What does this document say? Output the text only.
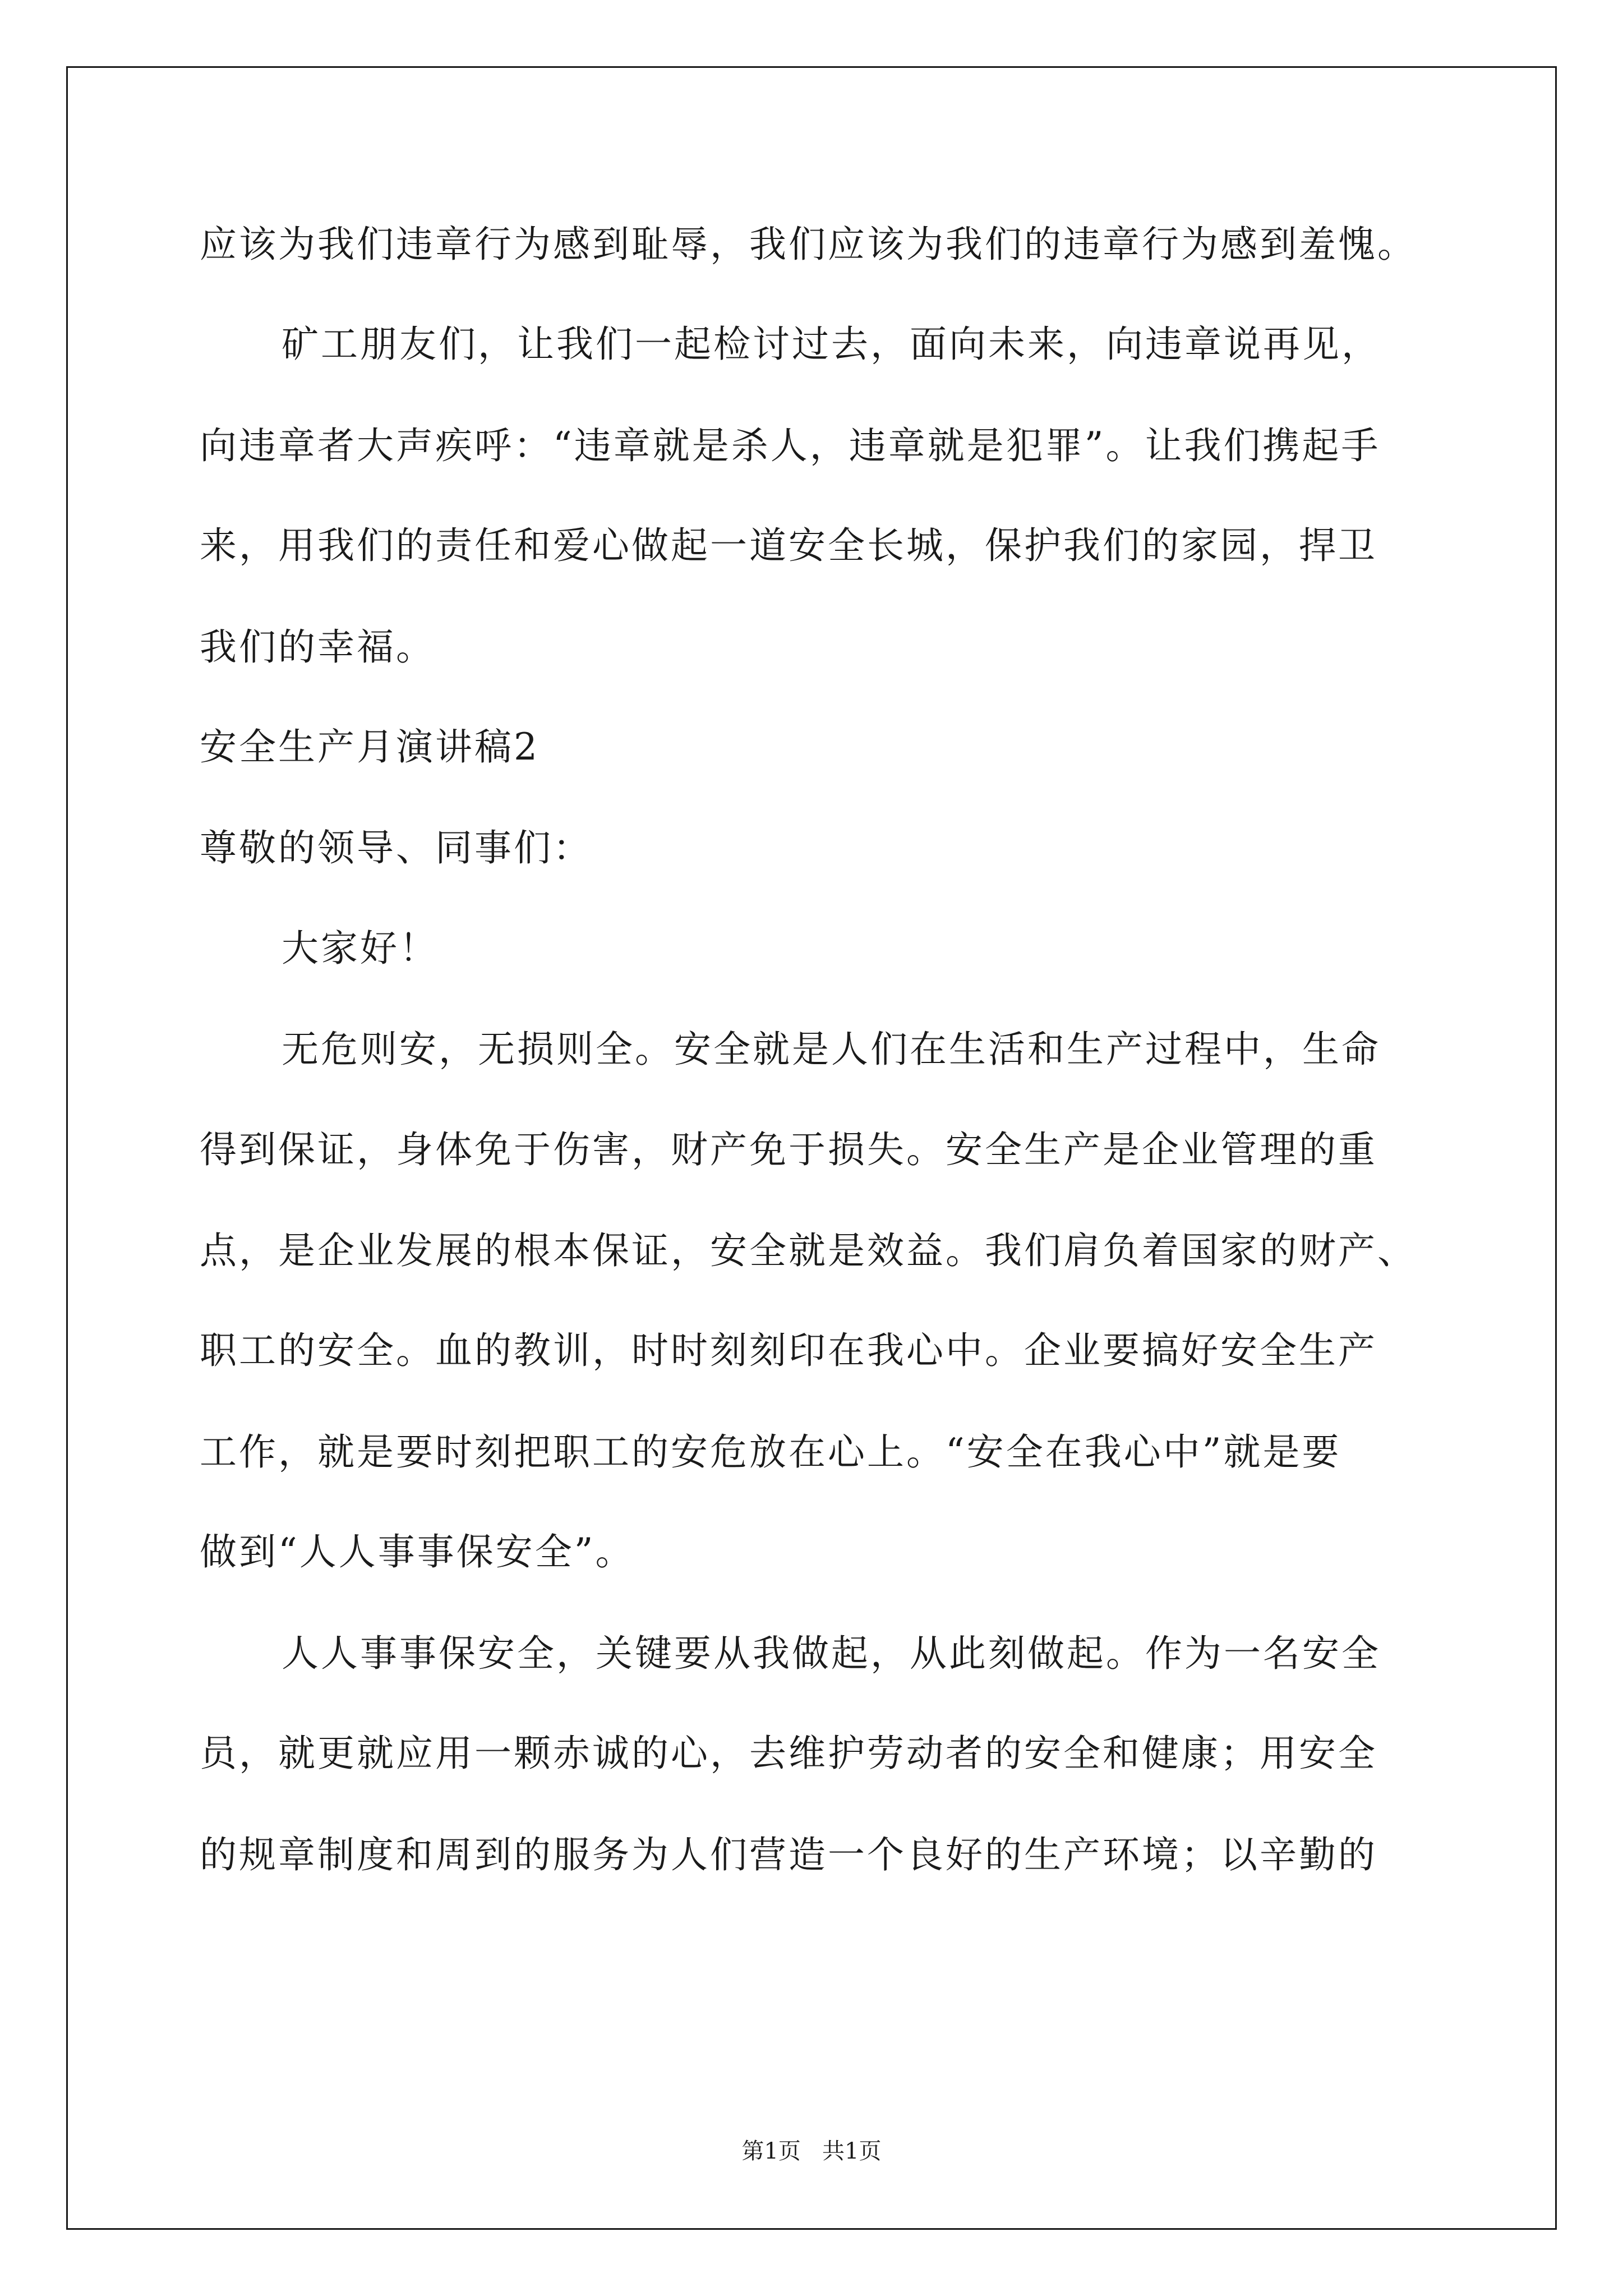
应该为我们违章行为感到耻辱，我们应该为我们的违章行为感到羞愧。
矿工朋友们，让我们一起检讨过去，面向未来，向违章说再见，
向违章者大声疾呼：“违章就是杀人，违章就是犯罪”。让我们携起手
来，用我们的责任和爱心做起一道安全长城，保护我们的家园，捍卫
我们的幸福。
安全生产月演讲稿2
尊敬的领导、同事们：
大家好！
无危则安，无损则全。安全就是人们在生活和生产过程中，生命
得到保证，身体免于伤害，财产免于损失。安全生产是企业管理的重
点，是企业发展的根本保证，安全就是效益。我们肩负着国家的财产、
职工的安全。血的教训，时时刻刻印在我心中。企业要搞好安全生产
工作，就是要时刻把职工的安危放在心上。“安全在我心中”就是要
做到“人人事事保安全”。
人人事事保安全，关键要从我做起，从此刻做起。作为一名安全
员，就更就应用一颗赤诚的心，去维护劳动者的安全和健康；用安全
的规章制度和周到的服务为人们营造一个良好的生产环境；以辛勤的
第1页   共1页
